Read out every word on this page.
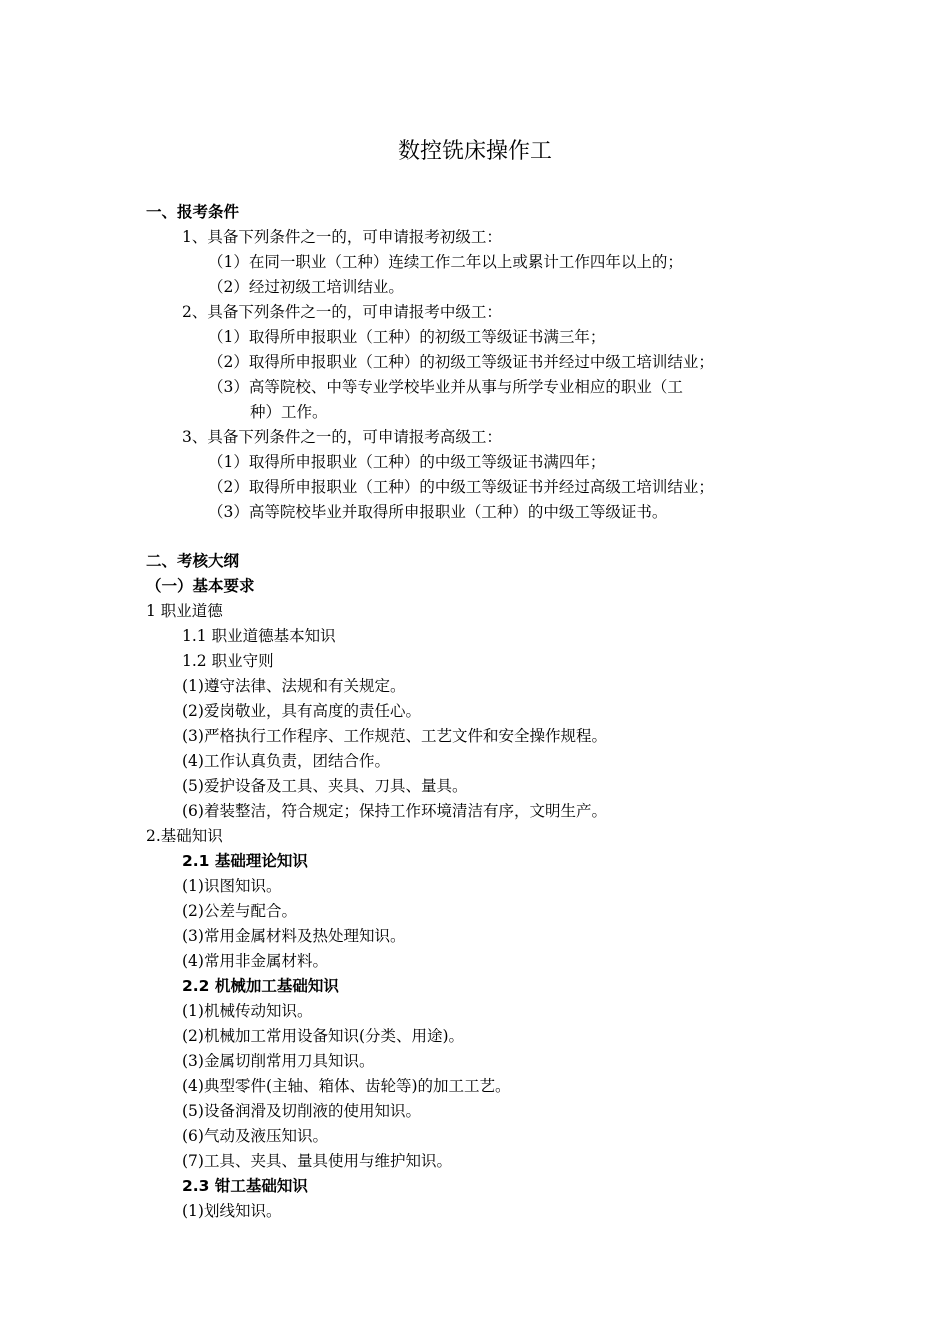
数控铣床操作工
一、报考条件
1、具备下列条件之一的，可申请报考初级工：
（1）在同一职业（工种）连续工作二年以上或累计工作四年以上的；
（2）经过初级工培训结业。
2、具备下列条件之一的，可申请报考中级工：
（1）取得所申报职业（工种）的初级工等级证书满三年；
（2）取得所申报职业（工种）的初级工等级证书并经过中级工培训结业；
（3）高等院校、中等专业学校毕业并从事与所学专业相应的职业（工
种）工作。
3、具备下列条件之一的，可申请报考高级工：
（1）取得所申报职业（工种）的中级工等级证书满四年；
（2）取得所申报职业（工种）的中级工等级证书并经过高级工培训结业；
（3）高等院校毕业并取得所申报职业（工种）的中级工等级证书。
二、考核大纲
（一）基本要求
1 职业道德
1.1 职业道德基本知识
1.2 职业守则
(1)遵守法律、法规和有关规定。
(2)爱岗敬业，具有高度的责任心。
(3)严格执行工作程序、工作规范、工艺文件和安全操作规程。
(4)工作认真负责，团结合作。
(5)爱护设备及工具、夹具、刀具、量具。
(6)着装整洁，符合规定；保持工作环境清洁有序，文明生产。
2.基础知识
2.1 基础理论知识
(1)识图知识。
(2)公差与配合。
(3)常用金属材料及热处理知识。
(4)常用非金属材料。
2.2 机械加工基础知识
(1)机械传动知识。
(2)机械加工常用设备知识(分类、用途)。
(3)金属切削常用刀具知识。
(4)典型零件(主轴、箱体、齿轮等)的加工工艺。
(5)设备润滑及切削液的使用知识。
(6)气动及液压知识。
(7)工具、夹具、量具使用与维护知识。
2.3 钳工基础知识
(1)划线知识。
